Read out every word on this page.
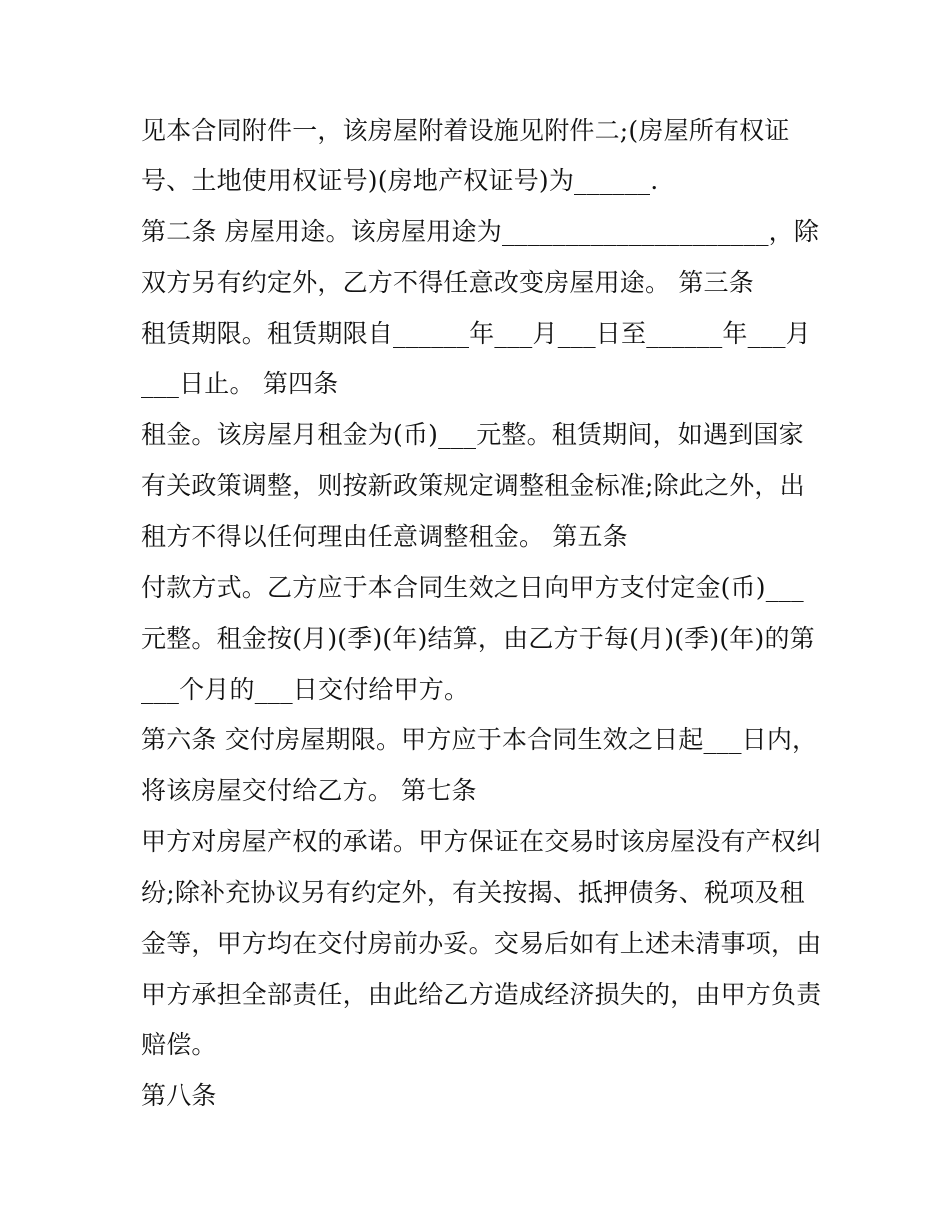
见本合同附件一，该房屋附着设施见附件二;(房屋所有权证
号、土地使用权证号)(房地产权证号)为______.
第二条 房屋用途。该房屋用途为_____________________，除
双方另有约定外，乙方不得任意改变房屋用途。 第三条
租赁期限。租赁期限自______年___月___日至______年___月
___日止。 第四条
租金。该房屋月租金为(币)___元整。租赁期间，如遇到国家
有关政策调整，则按新政策规定调整租金标准;除此之外，出
租方不得以任何理由任意调整租金。 第五条
付款方式。乙方应于本合同生效之日向甲方支付定金(币)___
元整。租金按(月)(季)(年)结算，由乙方于每(月)(季)(年)的第
___个月的___日交付给甲方。
第六条 交付房屋期限。甲方应于本合同生效之日起___日内，
将该房屋交付给乙方。 第七条
甲方对房屋产权的承诺。甲方保证在交易时该房屋没有产权纠
纷;除补充协议另有约定外，有关按揭、抵押债务、税项及租
金等，甲方均在交付房前办妥。交易后如有上述未清事项，由
甲方承担全部责任，由此给乙方造成经济损失的，由甲方负责
赔偿。
第八条
